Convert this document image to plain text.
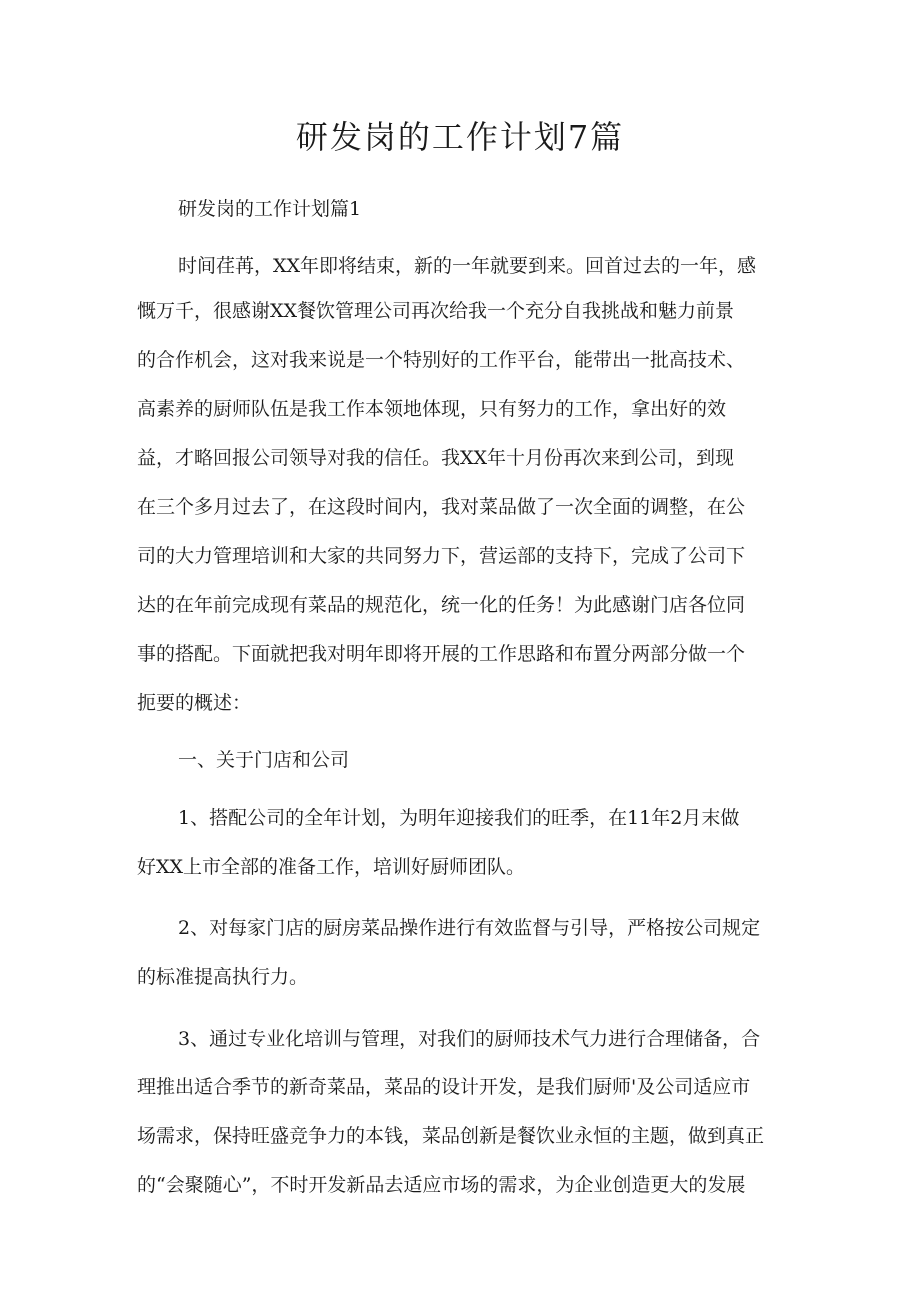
研发岗的工作计划7篇

研发岗的工作计划篇1

时间荏苒，XX年即将结束，新的一年就要到来。回首过去的一年，感

慨万千，很感谢XX餐饮管理公司再次给我一个充分自我挑战和魅力前景

的合作机会，这对我来说是一个特别好的工作平台，能带出一批高技术、

高素养的厨师队伍是我工作本领地体现，只有努力的工作，拿出好的效

益，才略回报公司领导对我的信任。我XX年十月份再次来到公司，到现

在三个多月过去了，在这段时间内，我对菜品做了一次全面的调整，在公

司的大力管理培训和大家的共同努力下，营运部的支持下，完成了公司下

达的在年前完成现有菜品的规范化，统一化的任务！为此感谢门店各位同

事的搭配。下面就把我对明年即将开展的工作思路和布置分两部分做一个

扼要的概述：

一、关于门店和公司

1、搭配公司的全年计划，为明年迎接我们的旺季，在11年2月末做

好XX上市全部的准备工作，培训好厨师团队。

2、对每家门店的厨房菜品操作进行有效监督与引导，严格按公司规定

的标准提高执行力。

3、通过专业化培训与管理，对我们的厨师技术气力进行合理储备，合

理推出适合季节的新奇菜品，菜品的设计开发，是我们厨师'及公司适应市

场需求，保持旺盛竞争力的本钱，菜品创新是餐饮业永恒的主题，做到真正

的“会聚随心”，不时开发新品去适应市场的需求，为企业创造更大的发展
